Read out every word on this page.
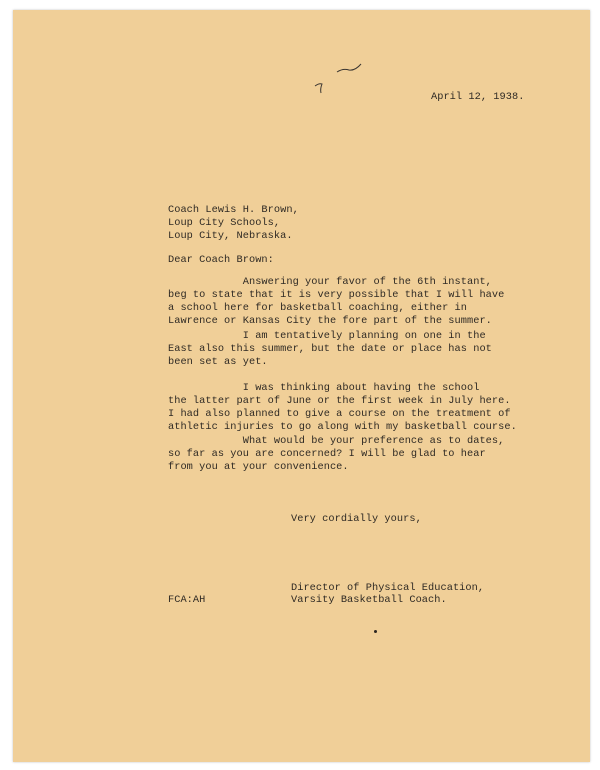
April 12, 1938.
Coach Lewis H. Brown,
Loup City Schools,
Loup City, Nebraska.
Dear Coach Brown:
Answering your favor of the 6th instant,
beg to state that it is very possible that I will have
a school here for basketball coaching, either in
Lawrence or Kansas City the fore part of the summer.
I am tentatively planning on one in the
East also this summer, but the date or place has not
been set as yet.
I was thinking about having the school
the latter part of June or the first week in July here.
I had also planned to give a course on the treatment of
athletic injuries to go along with my basketball course.
What would be your preference as to dates,
so far as you are concerned? I will be glad to hear
from you at your convenience.
Very cordially yours,
Director of Physical Education,
Varsity Basketball Coach.
FCA:AH
